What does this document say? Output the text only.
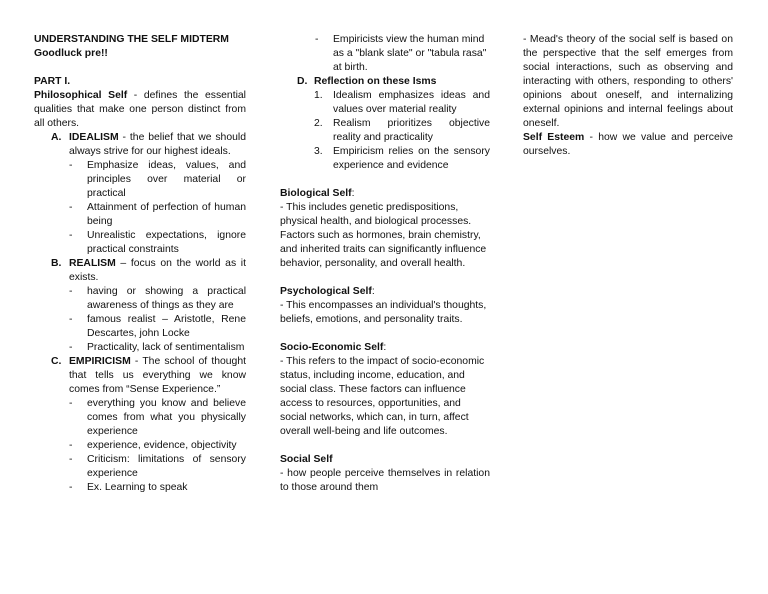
UNDERSTANDING THE SELF MIDTERM

Goodluck pre!!

PART I.

Philosophical Self - defines the essential qualities that make one person distinct from all others.

A. IDEALISM - the belief that we should always strive for our highest ideals.

- Emphasize ideas, values, and principles over material or practical

- Attainment of perfection of human being

- Unrealistic expectations, ignore practical constraints

B. REALISM – focus on the world as it exists.

- having or showing a practical awareness of things as they are

- famous realist – Aristotle, Rene Descartes, john Locke

- Practicality, lack of sentimentalism

C. EMPIRICISM - The school of thought that tells us everything we know comes from “Sense Experience.”

- everything you know and believe comes from what you physically experience

- experience, evidence, objectivity

- Criticism: limitations of sensory experience

- Ex. Learning to speak

- Empiricists view the human mind as a "blank slate" or "tabula rasa" at birth.

D. Reflection on these Isms

1. Idealism emphasizes ideas and values over material reality

2. Realism prioritizes objective reality and practicality

3. Empiricism relies on the sensory experience and evidence

Biological Self:

- This includes genetic predispositions, physical health, and biological processes. Factors such as hormones, brain chemistry, and inherited traits can significantly influence behavior, personality, and overall health.

Psychological Self:

- This encompasses an individual's thoughts, beliefs, emotions, and personality traits.

Socio-Economic Self:

- This refers to the impact of socio-economic status, including income, education, and social class. These factors can influence access to resources, opportunities, and social networks, which can, in turn, affect overall well-being and life outcomes.

Social Self

- how people perceive themselves in relation to those around them

- Mead's theory of the social self is based on the perspective that the self emerges from social interactions, such as observing and interacting with others, responding to others' opinions about oneself, and internalizing external opinions and internal feelings about oneself.

Self Esteem - how we value and perceive ourselves.
